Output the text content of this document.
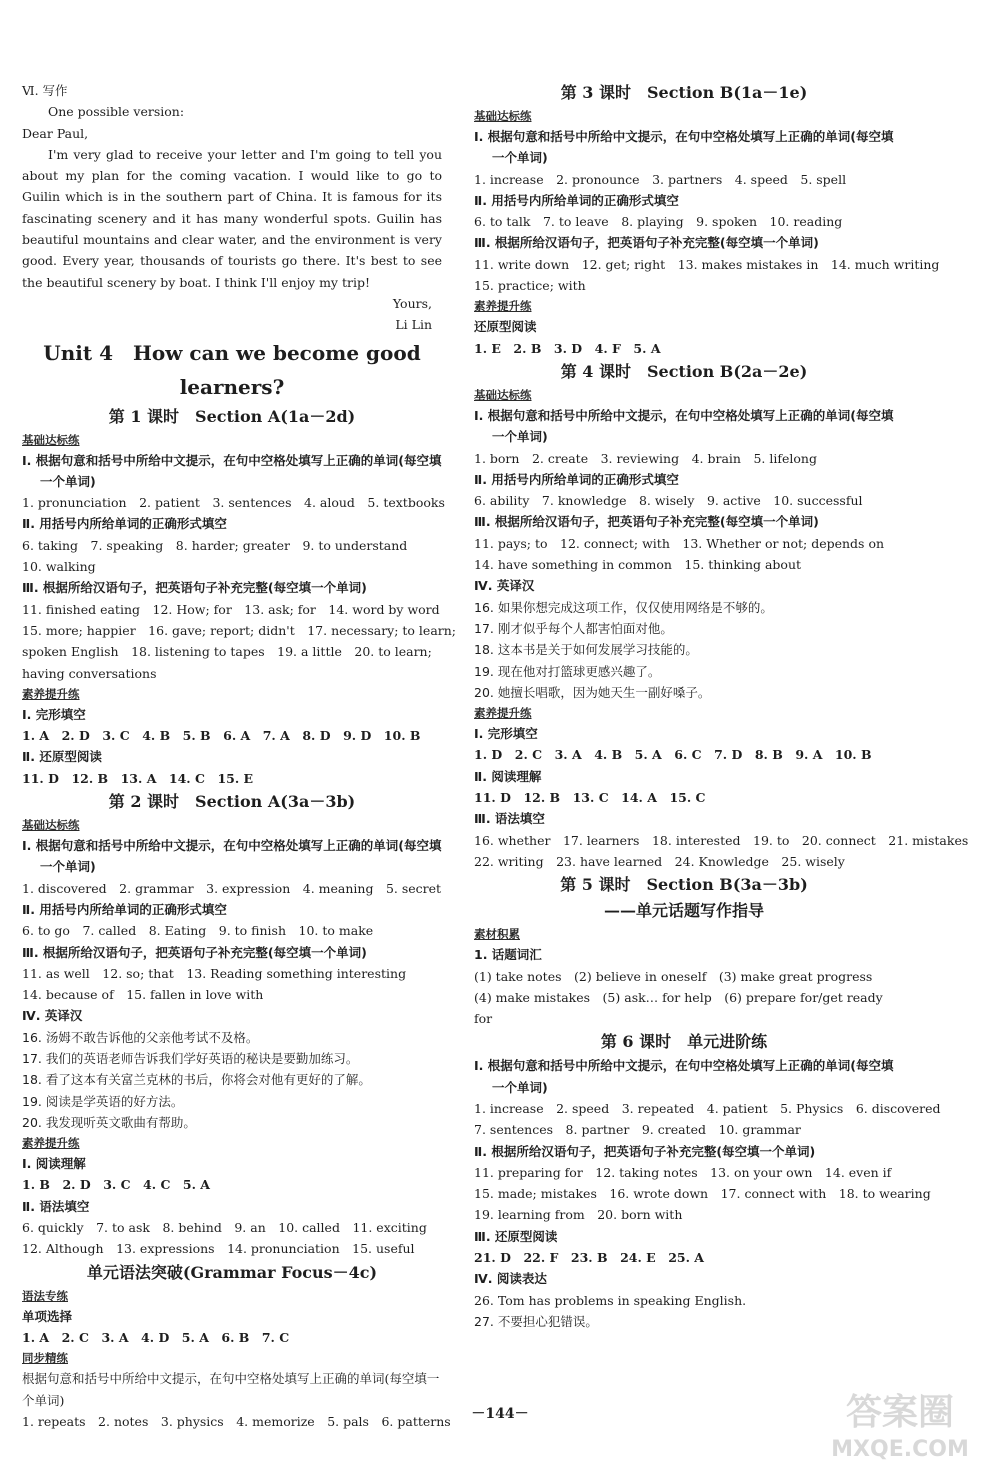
Ⅵ. 写作
One possible version:
Dear Paul,

I'm very glad to receive your letter and I'm going to tell you about my plan for the coming vacation. I would like to go to Guilin which is in the southern part of China. It is famous for its fascinating scenery and it has many wonderful spots. Guilin has beautiful mountains and clear water, and the environment is very good. Every year, thousands of tourists go there. It's best to see the beautiful scenery by boat. I think I'll enjoy my trip!

Yours,
Li Lin
Unit 4　How can we become good learners?
第 1 课时　Section A(1a－2d)
基础达标练
Ⅰ. 根据句意和括号中所给中文提示，在句中空格处填写上正确的单词(每空填一个单词)
1. pronunciation　2. patient　3. sentences　4. aloud　5. textbooks
Ⅱ. 用括号内所给单词的正确形式填空
6. taking　7. speaking　8. harder; greater　9. to understand
10. walking
Ⅲ. 根据所给汉语句子，把英语句子补充完整(每空填一个单词)
11. finished eating　12. How; for　13. ask; for　14. word by word
15. more; happier　16. gave; report; didn't　17. necessary; to learn;
spoken English　18. listening to tapes　19. a little　20. to learn;
having conversations
素养提升练
Ⅰ. 完形填空
1. A　2. D　3. C　4. B　5. B　6. A　7. A　8. D　9. D　10. B
Ⅱ. 还原型阅读
11. D　12. B　13. A　14. C　15. E
第 2 课时　Section A(3a－3b)
基础达标练
Ⅰ. 根据句意和括号中所给中文提示，在句中空格处填写上正确的单词(每空填一个单词)
1. discovered　2. grammar　3. expression　4. meaning　5. secret
Ⅱ. 用括号内所给单词的正确形式填空
6. to go　7. called　8. Eating　9. to finish　10. to make
Ⅲ. 根据所给汉语句子，把英语句子补充完整(每空填一个单词)
11. as well　12. so; that　13. Reading something interesting
14. because of　15. fallen in love with
Ⅳ. 英译汉
16. 汤姆不敢告诉他的父亲他考试不及格。
17. 我们的英语老师告诉我们学好英语的秘诀是要勤加练习。
18. 看了这本有关富兰克林的书后，你将会对他有更好的了解。
19. 阅读是学英语的好方法。
20. 我发现听英文歌曲有帮助。
素养提升练
Ⅰ. 阅读理解
1. B　2. D　3. C　4. C　5. A
Ⅱ. 语法填空
6. quickly　7. to ask　8. behind　9. an　10. called　11. exciting
12. Although　13. expressions　14. pronunciation　15. useful
单元语法突破(Grammar Focus－4c)
语法专练
单项选择
1. A　2. C　3. A　4. D　5. A　6. B　7. C
同步精练
根据句意和括号中所给中文提示，在句中空格处填写上正确的单词(每空填一个单词)
1. repeats　2. notes　3. physics　4. memorize　5. pals　6. patterns
第 3 课时　Section B(1a－1e)
基础达标练
Ⅰ. 根据句意和括号中所给中文提示，在句中空格处填写上正确的单词(每空填一个单词)
1. increase　2. pronounce　3. partners　4. speed　5. spell
Ⅱ. 用括号内所给单词的正确形式填空
6. to talk　7. to leave　8. playing　9. spoken　10. reading
Ⅲ. 根据所给汉语句子，把英语句子补充完整(每空填一个单词)
11. write down　12. get; right　13. makes mistakes in　14. much writing
15. practice; with
素养提升练
还原型阅读
1. E　2. B　3. D　4. F　5. A
第 4 课时　Section B(2a－2e)
基础达标练
Ⅰ. 根据句意和括号中所给中文提示，在句中空格处填写上正确的单词(每空填一个单词)
1. born　2. create　3. reviewing　4. brain　5. lifelong
Ⅱ. 用括号内所给单词的正确形式填空
6. ability　7. knowledge　8. wisely　9. active　10. successful
Ⅲ. 根据所给汉语句子，把英语句子补充完整(每空填一个单词)
11. pays; to　12. connect; with　13. Whether or not; depends on
14. have something in common　15. thinking about
Ⅳ. 英译汉
16. 如果你想完成这项工作，仅仅使用网络是不够的。
17. 刚才似乎每个人都害怕面对他。
18. 这本书是关于如何发展学习技能的。
19. 现在他对打篮球更感兴趣了。
20. 她擅长唱歌，因为她天生一副好嗓子。
素养提升练
Ⅰ. 完形填空
1. D　2. C　3. A　4. B　5. A　6. C　7. D　8. B　9. A　10. B
Ⅱ. 阅读理解
11. D　12. B　13. C　14. A　15. C
Ⅲ. 语法填空
16. whether　17. learners　18. interested　19. to　20. connect　21. mistakes
22. writing　23. have learned　24. Knowledge　25. wisely
第 5 课时　Section B(3a－3b)
——单元话题写作指导
素材积累
1. 话题词汇
(1) take notes　(2) believe in oneself　(3) make great progress
(4) make mistakes　(5) ask… for help　(6) prepare for/get ready
for
第 6 课时　单元进阶练
Ⅰ. 根据句意和括号中所给中文提示，在句中空格处填写上正确的单词(每空填一个单词)
1. increase　2. speed　3. repeated　4. patient　5. Physics　6. discovered
7. sentences　8. partner　9. created　10. grammar
Ⅱ. 根据所给汉语句子，把英语句子补充完整(每空填一个单词)
11. preparing for　12. taking notes　13. on your own　14. even if
15. made; mistakes　16. wrote down　17. connect with　18. to wearing
19. learning from　20. born with
Ⅲ. 还原型阅读
21. D　22. F　23. B　24. E　25. A
Ⅳ. 阅读表达
26. Tom has problems in speaking English.
27. 不要担心犯错误。
－144－	答案圈
MXQE.COM
